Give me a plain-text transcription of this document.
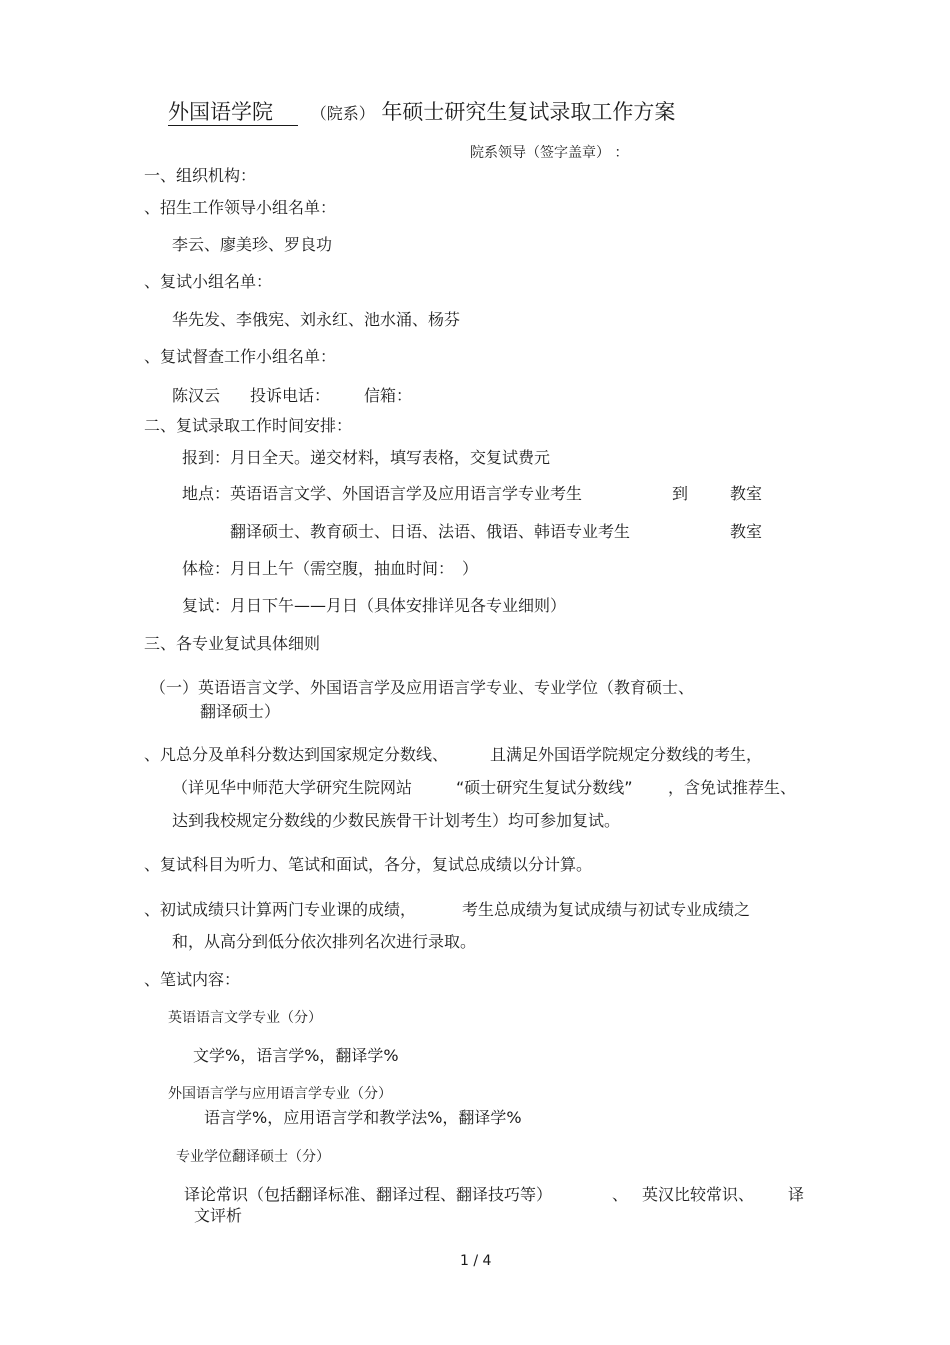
外国语学院 （院系） 年硕士研究生复试录取工作方案
院系领导（签字盖章） ：
一、组织机构：
、招生工作领导小组名单：
李云、廖美珍、罗良功
、复试小组名单：
华先发、李俄宪、刘永红、池水涌、杨芬
、复试督查工作小组名单：
陈汉云 投诉电话： 信箱：
二、复试录取工作时间安排：
报到：月日全天。递交材料，填写表格，交复试费元
地点：英语语言文学、外国语言学及应用语言学专业考生	到	教室
翻译硕士、教育硕士、日语、法语、俄语、韩语专业考生	教室
体检：月日上午（需空腹，抽血时间：　）
复试：月日下午——月日（具体安排详见各专业细则）
三、各专业复试具体细则
（一）英语语言文学、外国语言学及应用语言学专业、专业学位（教育硕士、
翻译硕士）
、凡总分及单科分数达到国家规定分数线、	且满足外国语学院规定分数线的考生，
（详见华中师范大学研究生院网站	“硕士研究生复试分数线” ，含免试推荐生、
达到我校规定分数线的少数民族骨干计划考生）均可参加复试。
、复试科目为听力、笔试和面试，各分，复试总成绩以分计算。
、初试成绩只计算两门专业课的成绩，	考生总成绩为复试成绩与初试专业成绩之
和，从高分到低分依次排列名次进行录取。
、笔试内容：
英语语言文学专业（分）
文学%，语言学%，翻译学%
外国语言学与应用语言学专业（分）
语言学%，应用语言学和教学法%，翻译学%
专业学位翻译硕士（分）
译论常识（包括翻译标准、翻译过程、翻译技巧等）	、 英汉比较常识、 译
文评析
1 / 4
